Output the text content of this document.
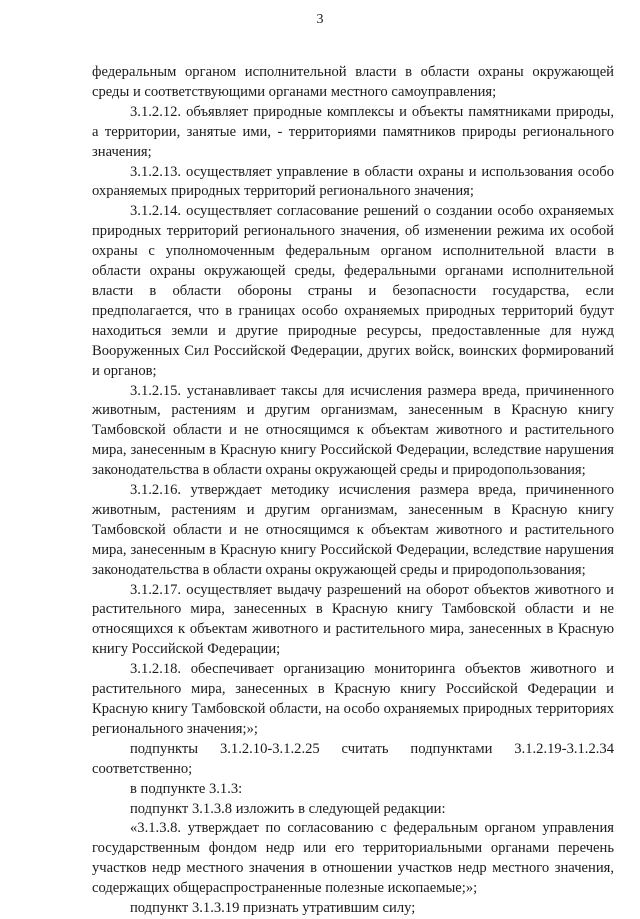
3

федеральным органом исполнительной власти в области охраны окружающей среды и соответствующими органами местного самоуправления;

3.1.2.12. объявляет природные комплексы и объекты памятниками природы, а территории, занятые ими, - территориями памятников природы регионального значения;

3.1.2.13. осуществляет управление в области охраны и использования особо охраняемых природных территорий регионального значения;

3.1.2.14. осуществляет согласование решений о создании особо охраняемых природных территорий регионального значения, об изменении режима их особой охраны с уполномоченным федеральным органом исполнительной власти в области охраны окружающей среды, федеральными органами исполнительной власти в области обороны страны и безопасности государства, если предполагается, что в границах особо охраняемых природных территорий будут находиться земли и другие природные ресурсы, предоставленные для нужд Вооруженных Сил Российской Федерации, других войск, воинских формирований и органов;

3.1.2.15. устанавливает таксы для исчисления размера вреда, причиненного животным, растениям и другим организмам, занесенным в Красную книгу Тамбовской области и не относящимся к объектам животного и растительного мира, занесенным в Красную книгу Российской Федерации, вследствие нарушения законодательства в области охраны окружающей среды и природопользования;

3.1.2.16. утверждает методику исчисления размера вреда, причиненного животным, растениям и другим организмам, занесенным в Красную книгу Тамбовской области и не относящимся к объектам животного и растительного мира, занесенным в Красную книгу Российской Федерации, вследствие нарушения законодательства в области охраны окружающей среды и природопользования;

3.1.2.17. осуществляет выдачу разрешений на оборот объектов животного и растительного мира, занесенных в Красную книгу Тамбовской области и не относящихся к объектам животного и растительного мира, занесенных в Красную книгу Российской Федерации;

3.1.2.18. обеспечивает организацию мониторинга объектов животного и растительного мира, занесенных в Красную книгу Российской Федерации и Красную книгу Тамбовской области, на особо охраняемых природных территориях регионального значения;»;

подпункты 3.1.2.10-3.1.2.25 считать подпунктами 3.1.2.19-3.1.2.34 соответственно;

в подпункте 3.1.3:

подпункт 3.1.3.8 изложить в следующей редакции:

«3.1.3.8. утверждает по согласованию с федеральным органом управления государственным фондом недр или его территориальными органами перечень участков недр местного значения в отношении участков недр местного значения, содержащих общераспространенные полезные ископаемые;»;

подпункт 3.1.3.19 признать утратившим силу;
